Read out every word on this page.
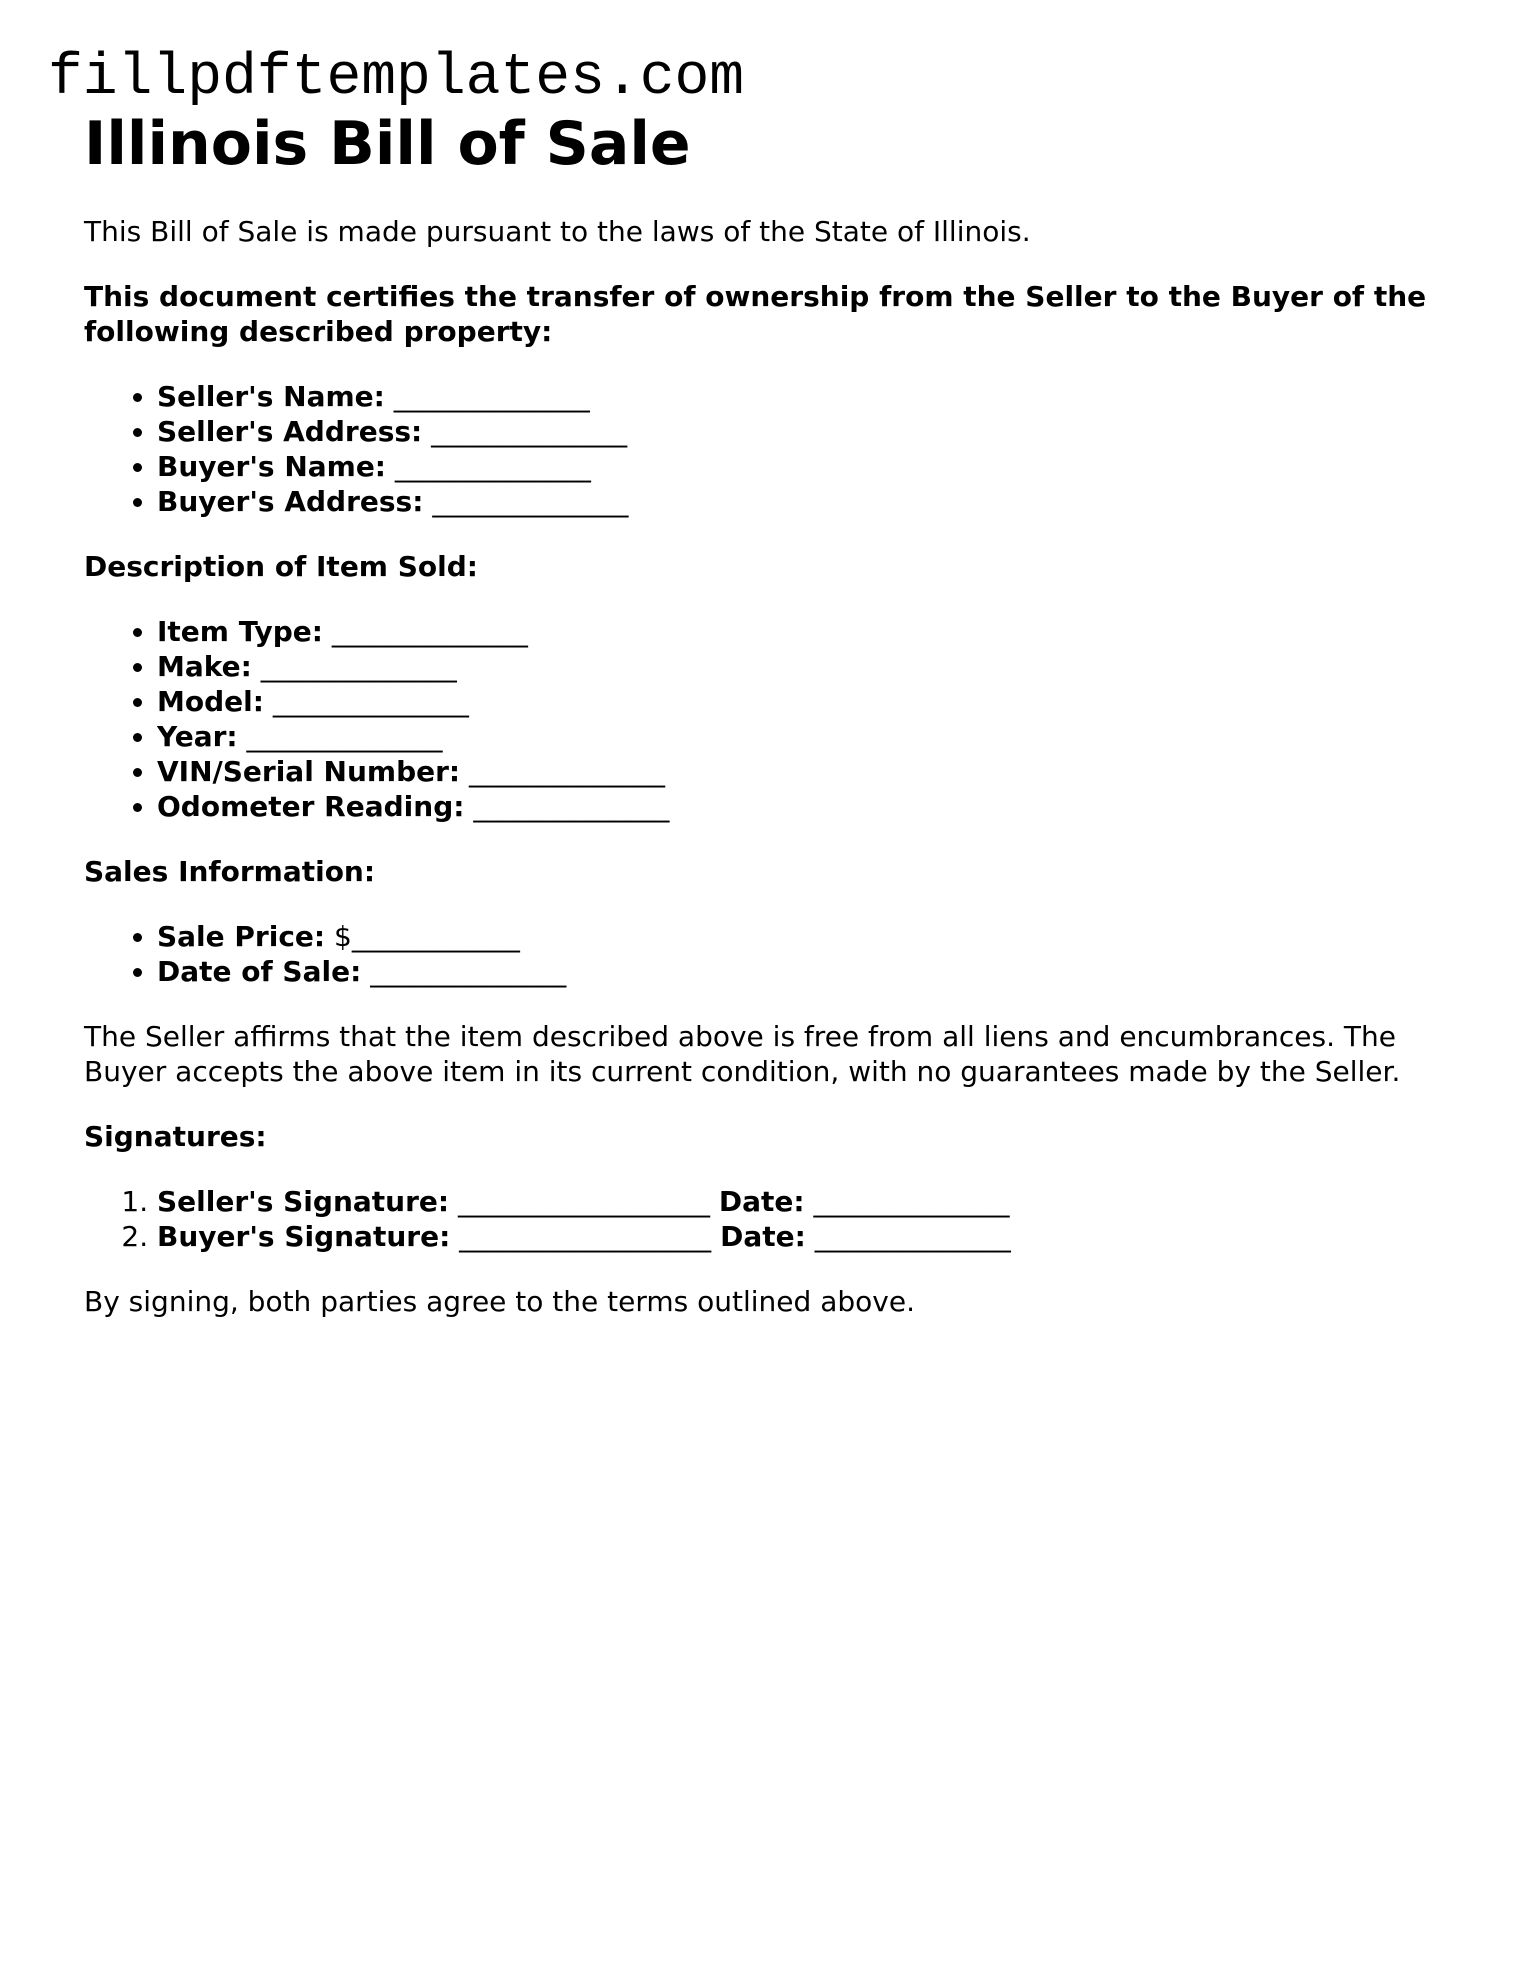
fillpdftemplates.com
Illinois Bill of Sale

This Bill of Sale is made pursuant to the laws of the State of Illinois.

This document certifies the transfer of ownership from the Seller to the Buyer of the following described property:

• Seller's Name: ______________
• Seller's Address: ______________
• Buyer's Name: ______________
• Buyer's Address: ______________

Description of Item Sold:

• Item Type: ______________
• Make: ______________
• Model: ______________
• Year: ______________
• VIN/Serial Number: ______________
• Odometer Reading: ______________

Sales Information:

• Sale Price: $____________
• Date of Sale: ______________

The Seller affirms that the item described above is free from all liens and encumbrances. The Buyer accepts the above item in its current condition, with no guarantees made by the Seller.

Signatures:

1. Seller's Signature: __________________ Date: ______________
2. Buyer's Signature: __________________ Date: ______________

By signing, both parties agree to the terms outlined above.
